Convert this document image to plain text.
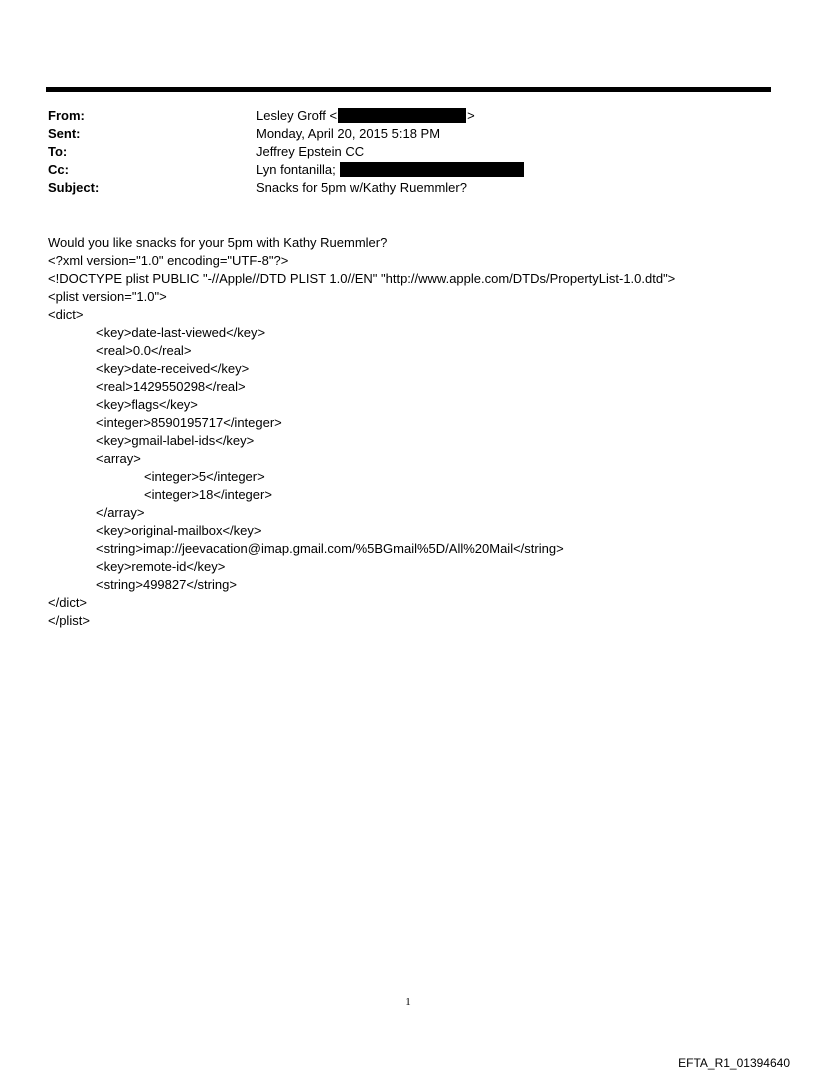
From:	Lesley Groff <	>
Sent:	Monday, April 20, 2015 5:18 PM
To:	Jeffrey Epstein CC
Cc:	Lyn fontanilla;
Subject:	Snacks for 5pm w/Kathy Ruemmler?
Would you like snacks for your 5pm with Kathy Ruemmler?
<?xml version="1.0" encoding="UTF-8"?>
<!DOCTYPE plist PUBLIC "-//Apple//DTD PLIST 1.0//EN" "http://www.apple.com/DTDs/PropertyList-1.0.dtd">
<plist version="1.0">
<dict>
<key>date-last-viewed</key>
<real>0.0</real>
<key>date-received</key>
<real>1429550298</real>
<key>flags</key>
<integer>8590195717</integer>
<key>gmail-label-ids</key>
<array>
<integer>5</integer>
<integer>18</integer>
</array>
<key>original-mailbox</key>
<string>imap://jeevacation@imap.gmail.com/%5BGmail%5D/All%20Mail</string>
<key>remote-id</key>
<string>499827</string>
</dict>
</plist>
1
EFTA_R1_01394640
